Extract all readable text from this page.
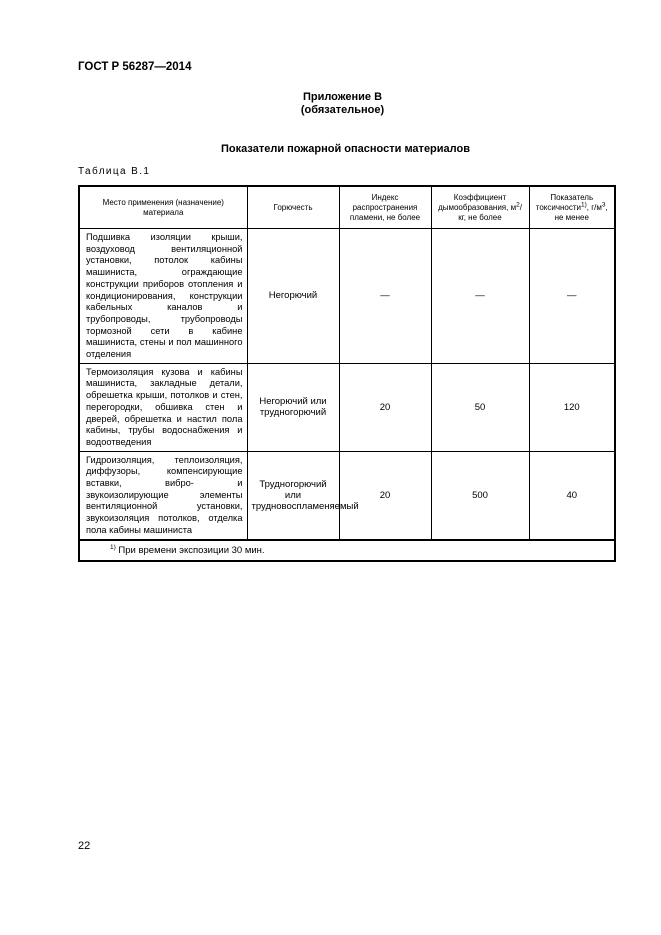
ГОСТ Р 56287—2014
Приложение В
(обязательное)
Показатели пожарной опасности материалов
Таблица В.1
Место применения (назначение) материала	Горючесть	Индекс распространения пламени, не более	Коэффициент дымообразования, $м^2/кг$, не более	Показатель токсичности$^{1)}$, $г/м^3$, не менее
Подшивка изоляции крыши, воздуховод вентиляционной установки, потолок кабины машиниста, ограждающие конструкции приборов отопления и кондиционирования, конструкции кабельных каналов и трубопроводы, трубопроводы тормозной сети в кабине машиниста, стены и пол машинного отделения	Негорючий	—	—	—
Термоизоляция кузова и кабины машиниста, закладные детали, обрешетка крыши, потолков и стен, перегородки, обшивка стен и дверей, обрешетка и настил пола кабины, трубы водоснабжения и водоотведения	Негорючий или трудногорючий	20	50	120
Гидроизоляция, теплоизоляция, диффузоры, компенсирующие вставки, вибро- и звукоизолирующие элементы вентиляционной установки, звукоизоляция потолков, отделка пола кабины машиниста	Трудногорючий или трудновоспламеняемый	20	500	40
$^{1)}$ При времени экспозиции 30 мин.				
22
